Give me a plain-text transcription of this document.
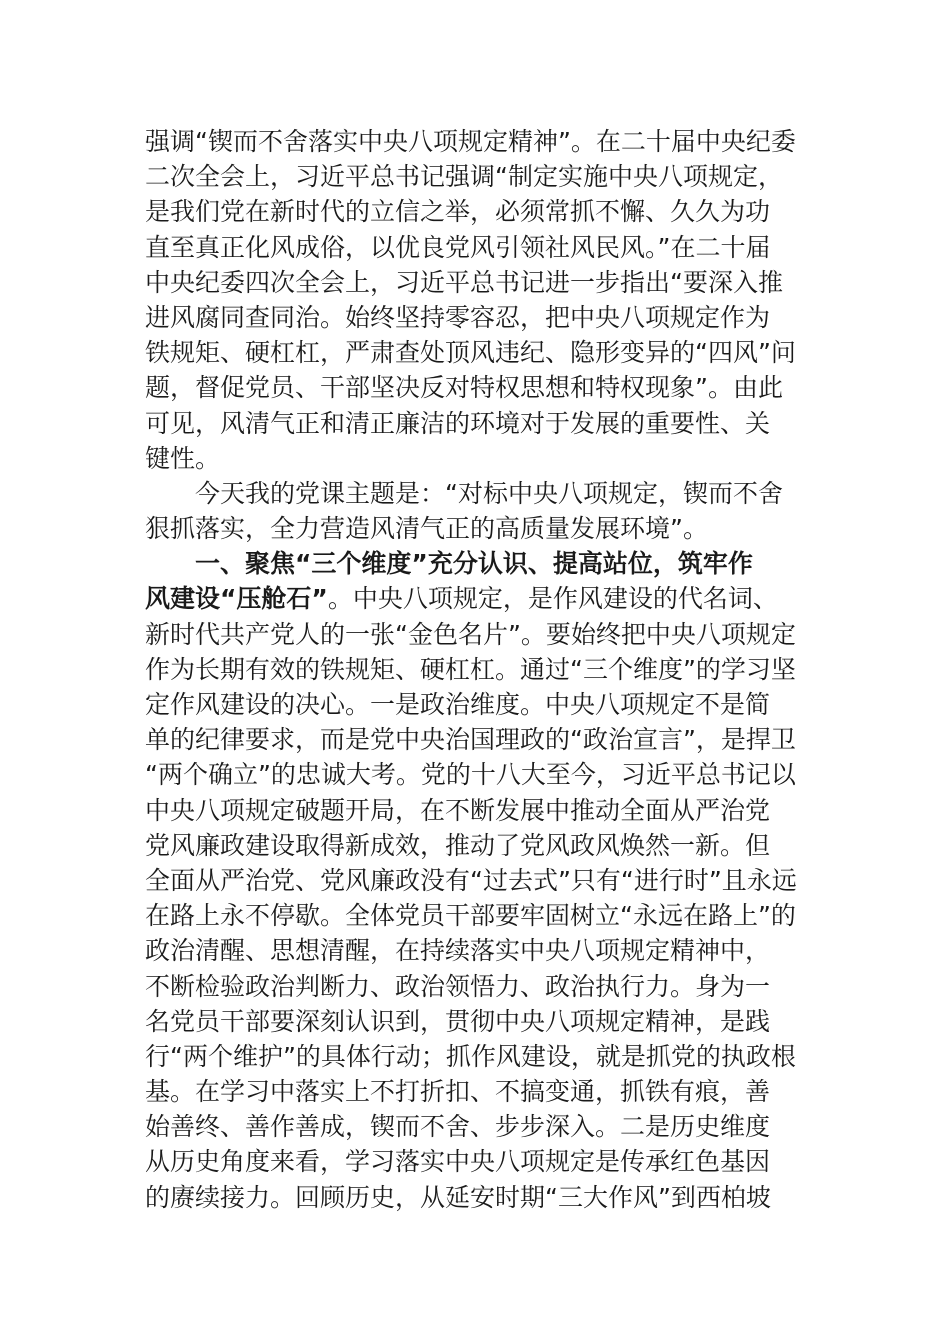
强调“锲而不舍落实中央八项规定精神”。在二十届中央纪委
二次全会上，习近平总书记强调“制定实施中央八项规定，
是我们党在新时代的立信之举，必须常抓不懈、久久为功
直至真正化风成俗，以优良党风引领社风民风。”在二十届
中央纪委四次全会上，习近平总书记进一步指出“要深入推
进风腐同查同治。始终坚持零容忍，把中央八项规定作为
铁规矩、硬杠杠，严肃查处顶风违纪、隐形变异的“四风”问
题，督促党员、干部坚决反对特权思想和特权现象”。由此
可见，风清气正和清正廉洁的环境对于发展的重要性、关
键性。
今天我的党课主题是：“对标中央八项规定，锲而不舍
狠抓落实，全力营造风清气正的高质量发展环境”。
一、聚焦“三个维度”充分认识、提高站位，筑牢作
风建设“压舱石”。中央八项规定，是作风建设的代名词、
新时代共产党人的一张“金色名片”。要始终把中央八项规定
作为长期有效的铁规矩、硬杠杠。通过“三个维度”的学习坚
定作风建设的决心。一是政治维度。中央八项规定不是简
单的纪律要求，而是党中央治国理政的“政治宣言”，是捍卫
“两个确立”的忠诚大考。党的十八大至今，习近平总书记以
中央八项规定破题开局，在不断发展中推动全面从严治党
党风廉政建设取得新成效，推动了党风政风焕然一新。但
全面从严治党、党风廉政没有“过去式”只有“进行时”且永远
在路上永不停歇。全体党员干部要牢固树立“永远在路上”的
政治清醒、思想清醒，在持续落实中央八项规定精神中，
不断检验政治判断力、政治领悟力、政治执行力。身为一
名党员干部要深刻认识到，贯彻中央八项规定精神，是践
行“两个维护”的具体行动；抓作风建设，就是抓党的执政根
基。在学习中落实上不打折扣、不搞变通，抓铁有痕，善
始善终、善作善成，锲而不舍、步步深入。二是历史维度
从历史角度来看，学习落实中央八项规定是传承红色基因
的赓续接力。回顾历史，从延安时期“三大作风”到西柏坡
